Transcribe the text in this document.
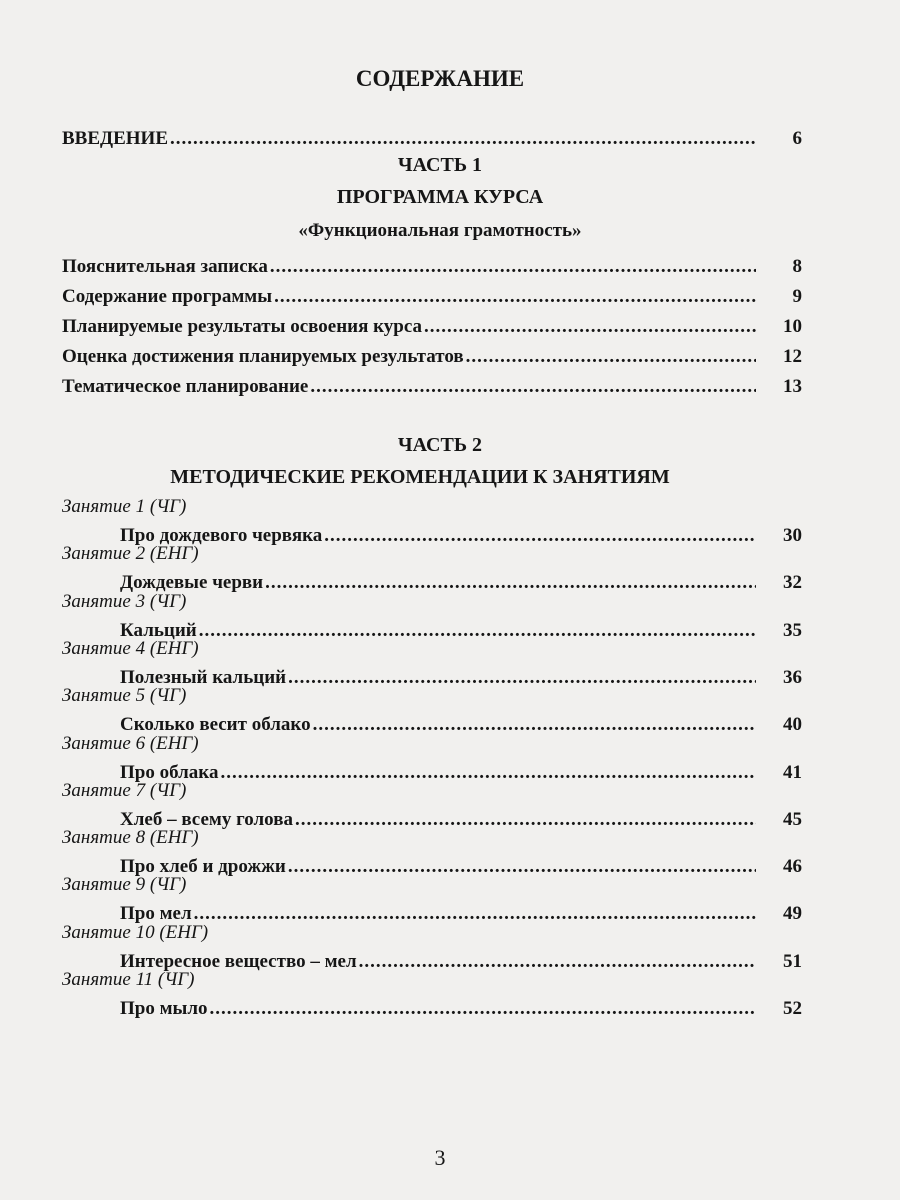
СОДЕРЖАНИЕ
ВВЕДЕНИЕ .....	6
ЧАСТЬ 1
ПРОГРАММА КУРСА
«Функциональная грамотность»
Пояснительная записка .....	8
Содержание программы .....	9
Планируемые результаты освоения курса .....	10
Оценка достижения планируемых результатов .....	12
Тематическое планирование .....	13
ЧАСТЬ 2
МЕТОДИЧЕСКИЕ РЕКОМЕНДАЦИИ К ЗАНЯТИЯМ
Занятие 1 (ЧГ)
Про дождевого червяка .....	30
Занятие 2 (ЕНГ)
Дождевые черви .....	32
Занятие 3 (ЧГ)
Кальций .....	35
Занятие 4 (ЕНГ)
Полезный кальций .....	36
Занятие 5 (ЧГ)
Сколько весит облако .....	40
Занятие 6 (ЕНГ)
Про облака .....	41
Занятие 7 (ЧГ)
Хлеб – всему голова .....	45
Занятие 8 (ЕНГ)
Про хлеб и дрожжи .....	46
Занятие 9 (ЧГ)
Про мел .....	49
Занятие 10 (ЕНГ)
Интересное вещество – мел .....	51
Занятие 11 (ЧГ)
Про мыло .....	52
3
